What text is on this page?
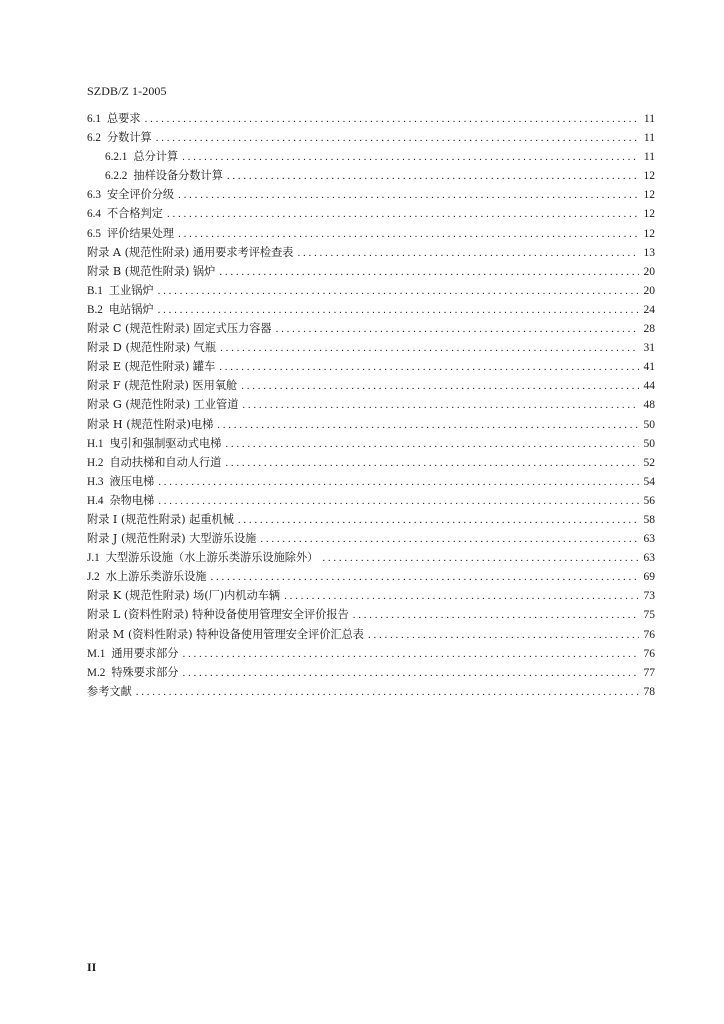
SZDB/Z 1-2005
6.1 总要求 . . .	11
6.2 分数计算 . . .	11
6.2.1 总分计算 . . .	11
6.2.2 抽样设备分数计算 . . .	12
6.3 安全评价分级 . . .	12
6.4 不合格判定 . . .	12
6.5 评价结果处理 . . .	12
附录 A (规范性附录) 通用要求考评检查表 . . .	13
附录 B (规范性附录) 锅炉 . . .	20
B.1 工业锅炉 . . .	20
B.2 电站锅炉 . . .	24
附录 C (规范性附录) 固定式压力容器 . . .	28
附录 D (规范性附录) 气瓶 . . .	31
附录 E (规范性附录) 罐车 . . .	41
附录 F (规范性附录) 医用氧舱 . . .	44
附录 G (规范性附录) 工业管道 . . .	48
附录 H (规范性附录)电梯 . . .	50
H.1 曳引和强制驱动式电梯 . . .	50
H.2 自动扶梯和自动人行道 . . .	52
H.3 液压电梯 . . .	54
H.4 杂物电梯 . . .	56
附录 I (规范性附录) 起重机械 . . .	58
附录 J (规范性附录) 大型游乐设施 . . .	63
J.1 大型游乐设施（水上游乐类游乐设施除外） . . .	63
J.2 水上游乐类游乐设施 . . .	69
附录 K (规范性附录) 场(厂)内机动车辆 . . .	73
附录 L (资料性附录) 特种设备使用管理安全评价报告 . . .	75
附录 M (资料性附录) 特种设备使用管理安全评价汇总表 . . .	76
M.1 通用要求部分 . . .	76
M.2 特殊要求部分 . . .	77
参考文献 . . .	78
II
